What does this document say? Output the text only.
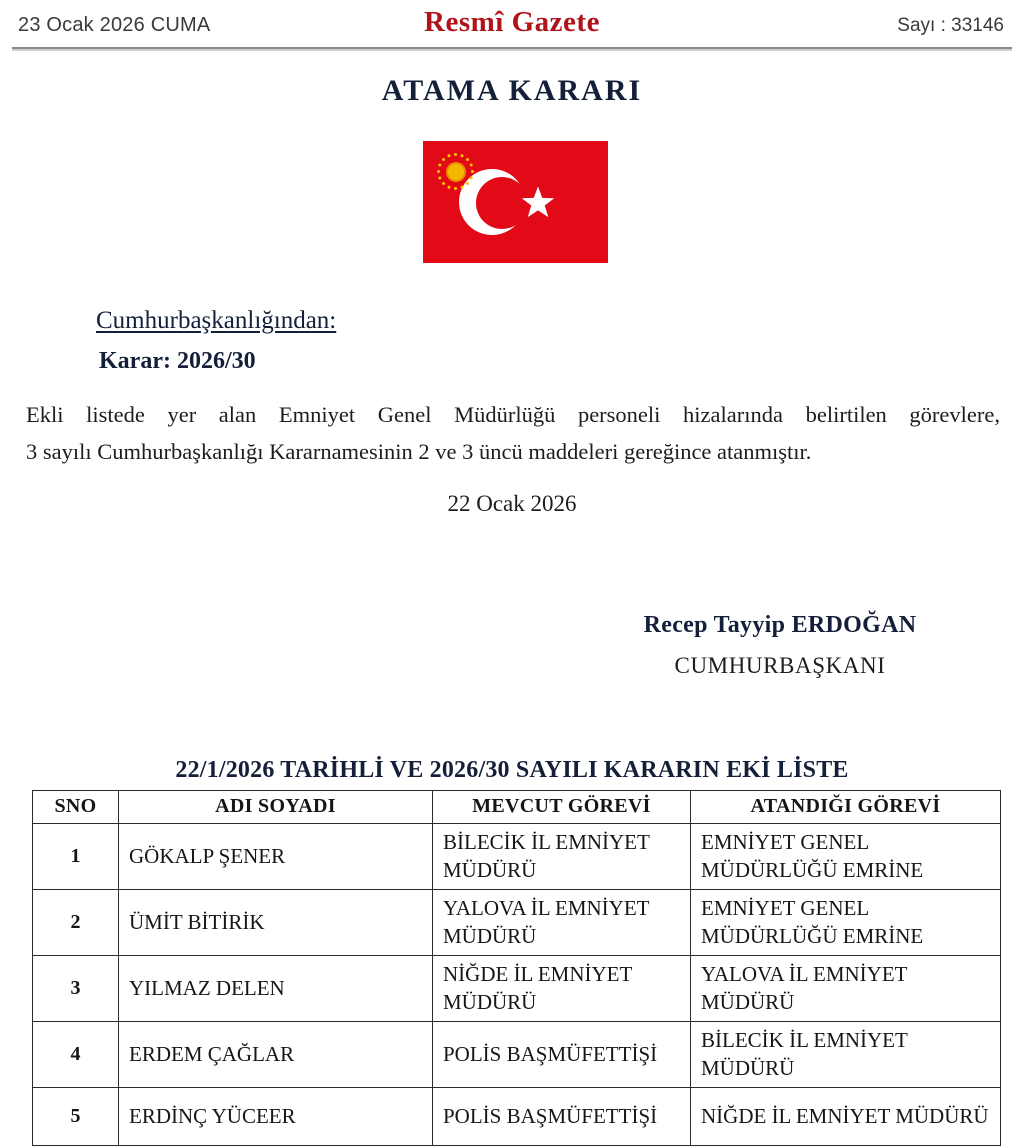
23 Ocak 2026 CUMA	Resmî Gazete	Sayı : 33146
ATAMA KARARI
Cumhurbaşkanlığından:
Karar: 2026/30
Ekli listede yer alan Emniyet Genel Müdürlüğü personeli hizalarında belirtilen görevlere,
3 sayılı Cumhurbaşkanlığı Kararnamesinin 2 ve 3 üncü maddeleri gereğince atanmıştır.
22 Ocak 2026
Recep Tayyip ERDOĞAN
CUMHURBAŞKANI
22/1/2026 TARİHLİ VE 2026/30 SAYILI KARARIN EKİ LİSTE
SNO	ADI SOYADI	MEVCUT GÖREVİ	ATANDIĞI GÖREVİ
1	GÖKALP ŞENER	BİLECİK İL EMNİYET MÜDÜRÜ	EMNİYET GENEL MÜDÜRLÜĞÜ EMRİNE
2	ÜMİT BİTİRİK	YALOVA İL EMNİYET MÜDÜRÜ	EMNİYET GENEL MÜDÜRLÜĞÜ EMRİNE
3	YILMAZ DELEN	NİĞDE İL EMNİYET MÜDÜRÜ	YALOVA İL EMNİYET MÜDÜRÜ
4	ERDEM ÇAĞLAR	POLİS BAŞMÜFETTİŞİ	BİLECİK İL EMNİYET MÜDÜRÜ
5	ERDİNÇ YÜCEER	POLİS BAŞMÜFETTİŞİ	NİĞDE İL EMNİYET MÜDÜRÜ
